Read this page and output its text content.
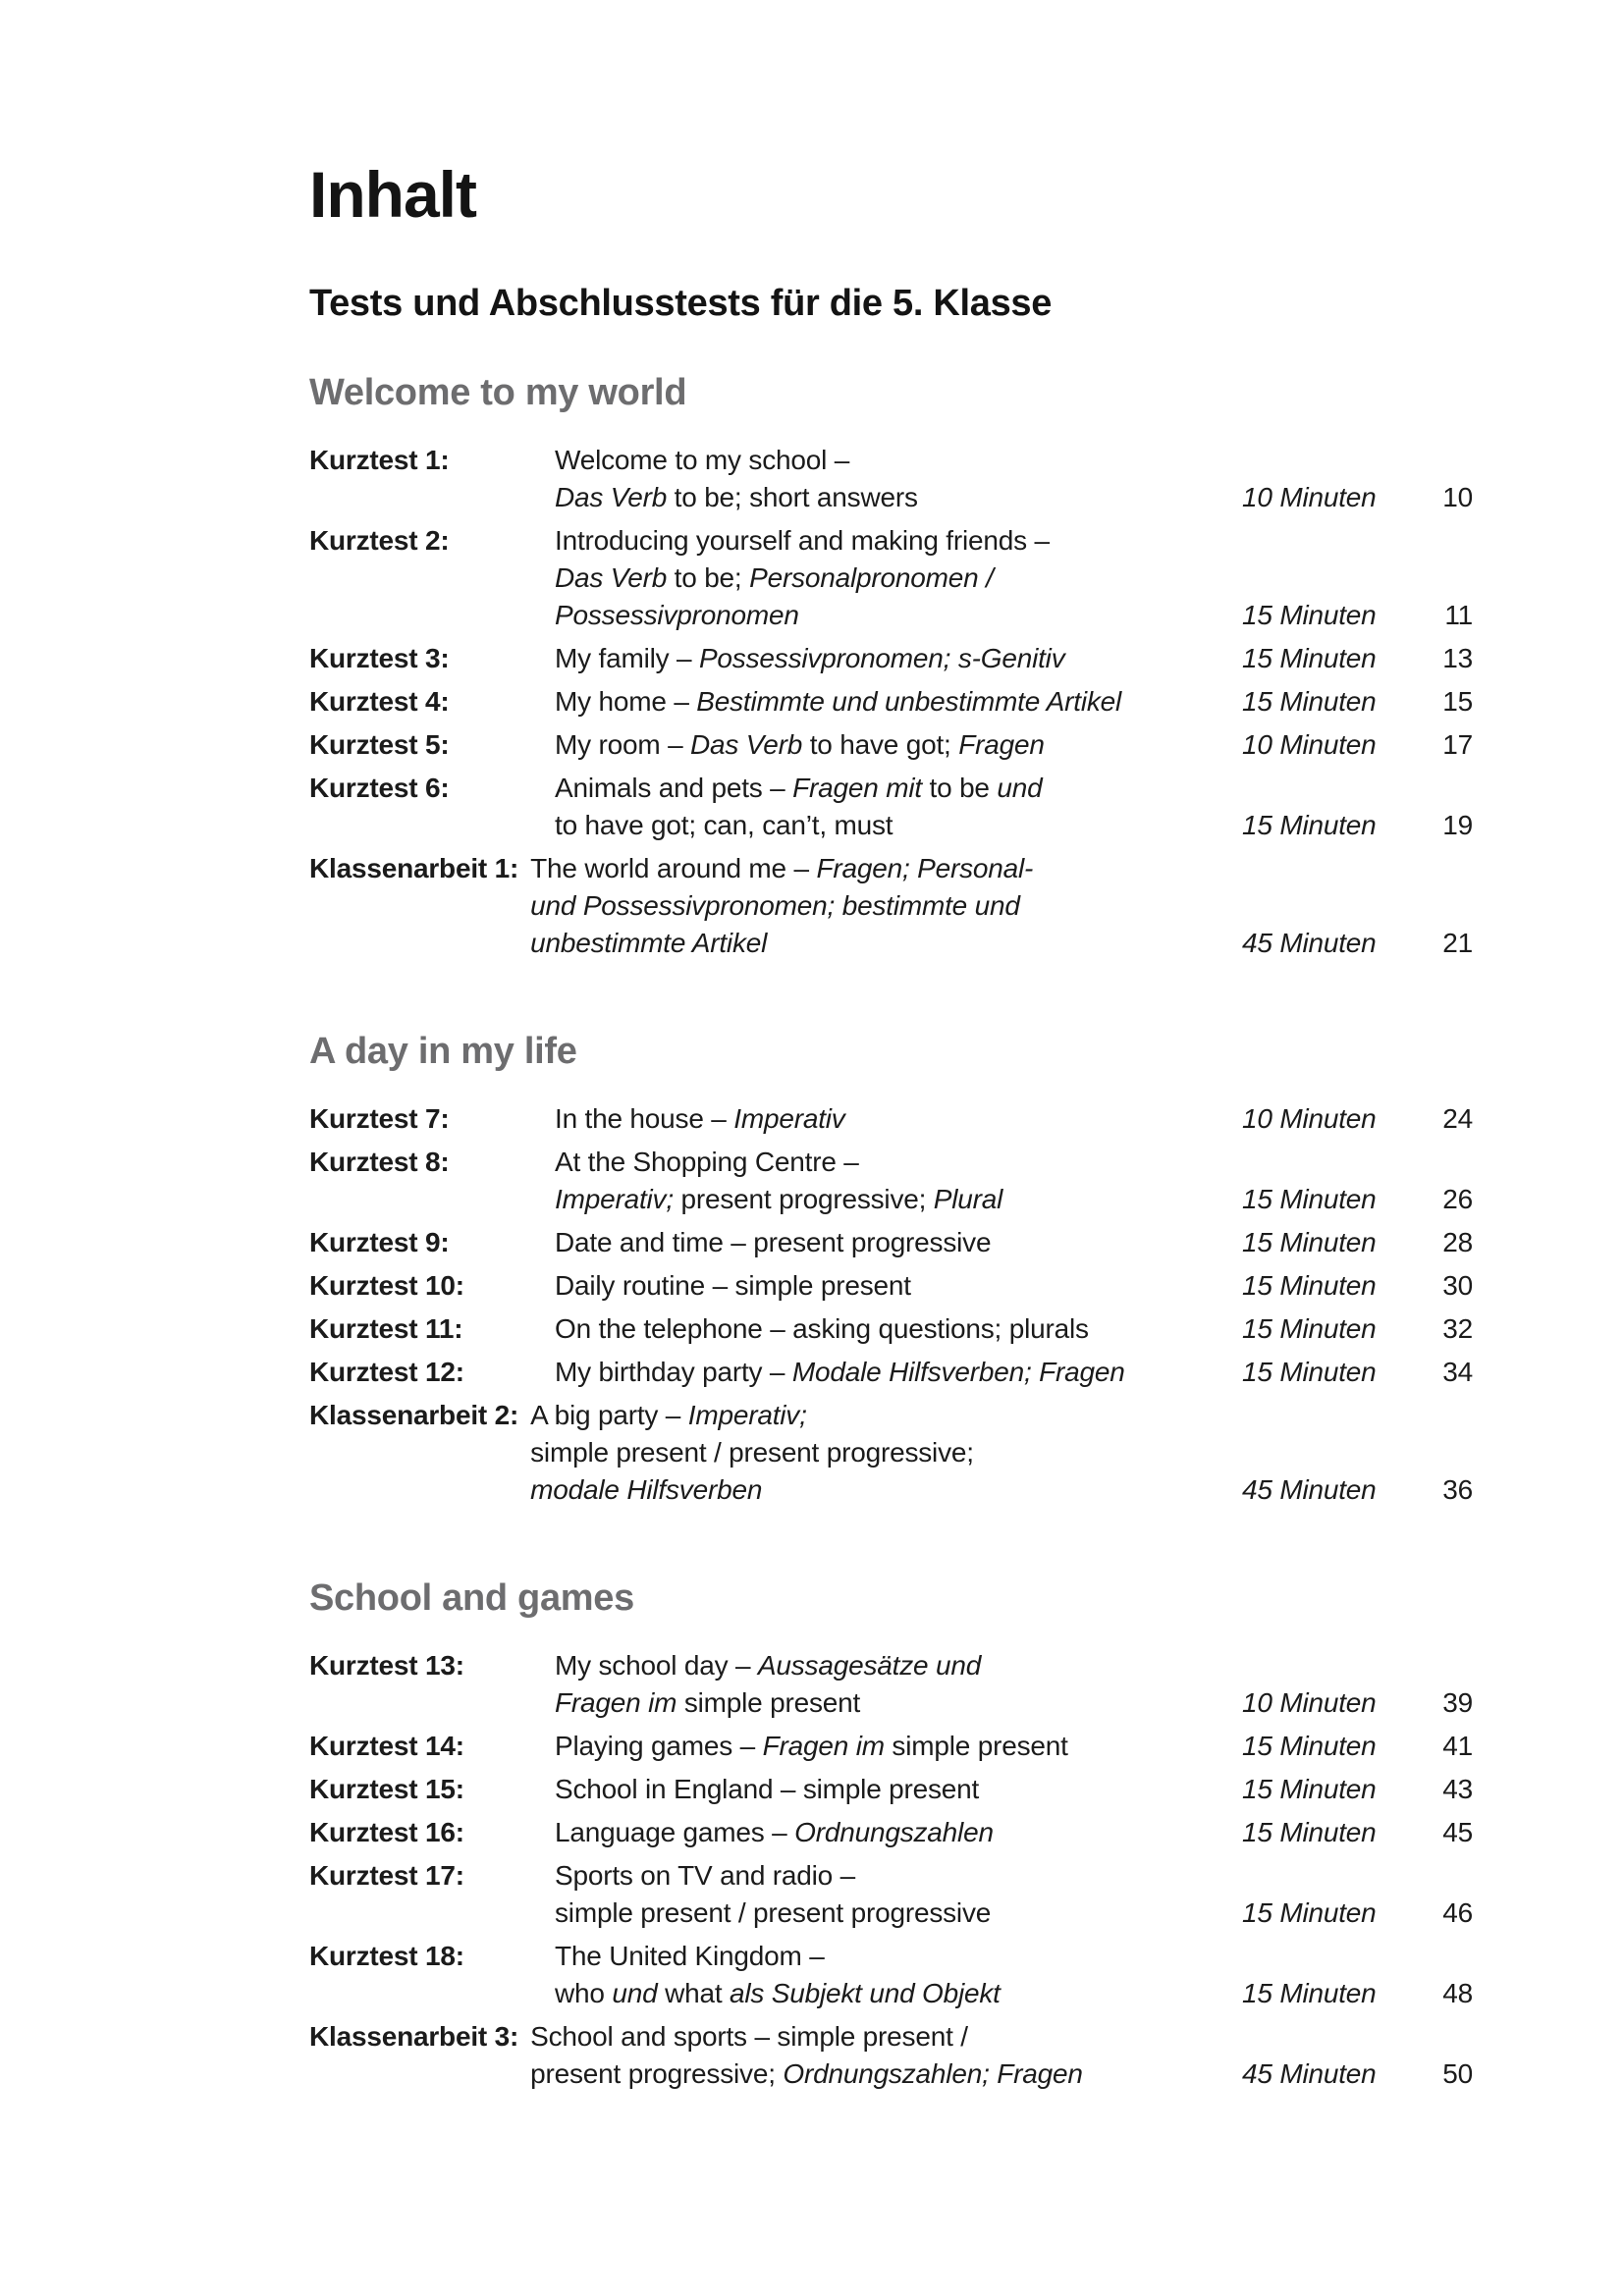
Inhalt

Tests und Abschlusstests für die 5. Klasse

Welcome to my world
Kurztest 1:	Welcome to my school –
Das Verb to be; short answers	10 Minuten	10
Kurztest 2:	Introducing yourself and making friends –
Das Verb to be; Personalpronomen /
Possessivpronomen	15 Minuten	11
Kurztest 3:	My family – Possessivpronomen; s-Genitiv	15 Minuten	13
Kurztest 4:	My home – Bestimmte und unbestimmte Artikel	15 Minuten	15
Kurztest 5:	My room – Das Verb to have got; Fragen	10 Minuten	17
Kurztest 6:	Animals and pets – Fragen mit to be und
to have got; can, can’t, must	15 Minuten	19
Klassenarbeit 1: The world around me – Fragen; Personal-
und Possessivpronomen; bestimmte und
unbestimmte Artikel	45 Minuten	21
A day in my life
Kurztest 7:	In the house – Imperativ	10 Minuten	24
Kurztest 8:	At the Shopping Centre –
Imperativ; present progressive; Plural	15 Minuten	26
Kurztest 9:	Date and time – present progressive	15 Minuten	28
Kurztest 10:	Daily routine – simple present	15 Minuten	30
Kurztest 11:	On the telephone – asking questions; plurals	15 Minuten	32
Kurztest 12:	My birthday party – Modale Hilfsverben; Fragen	15 Minuten	34
Klassenarbeit 2: A big party – Imperativ;
simple present / present progressive;
modale Hilfsverben	45 Minuten	36
School and games
Kurztest 13:	My school day – Aussagesätze und
Fragen im simple present	10 Minuten	39
Kurztest 14:	Playing games – Fragen im simple present	15 Minuten	41
Kurztest 15:	School in England – simple present	15 Minuten	43
Kurztest 16:	Language games – Ordnungszahlen	15 Minuten	45
Kurztest 17:	Sports on TV and radio –
simple present / present progressive	15 Minuten	46
Kurztest 18:	The United Kingdom –
who und what als Subjekt und Objekt	15 Minuten	48
Klassenarbeit 3: School and sports – simple present /
present progressive; Ordnungszahlen; Fragen	45 Minuten	50
